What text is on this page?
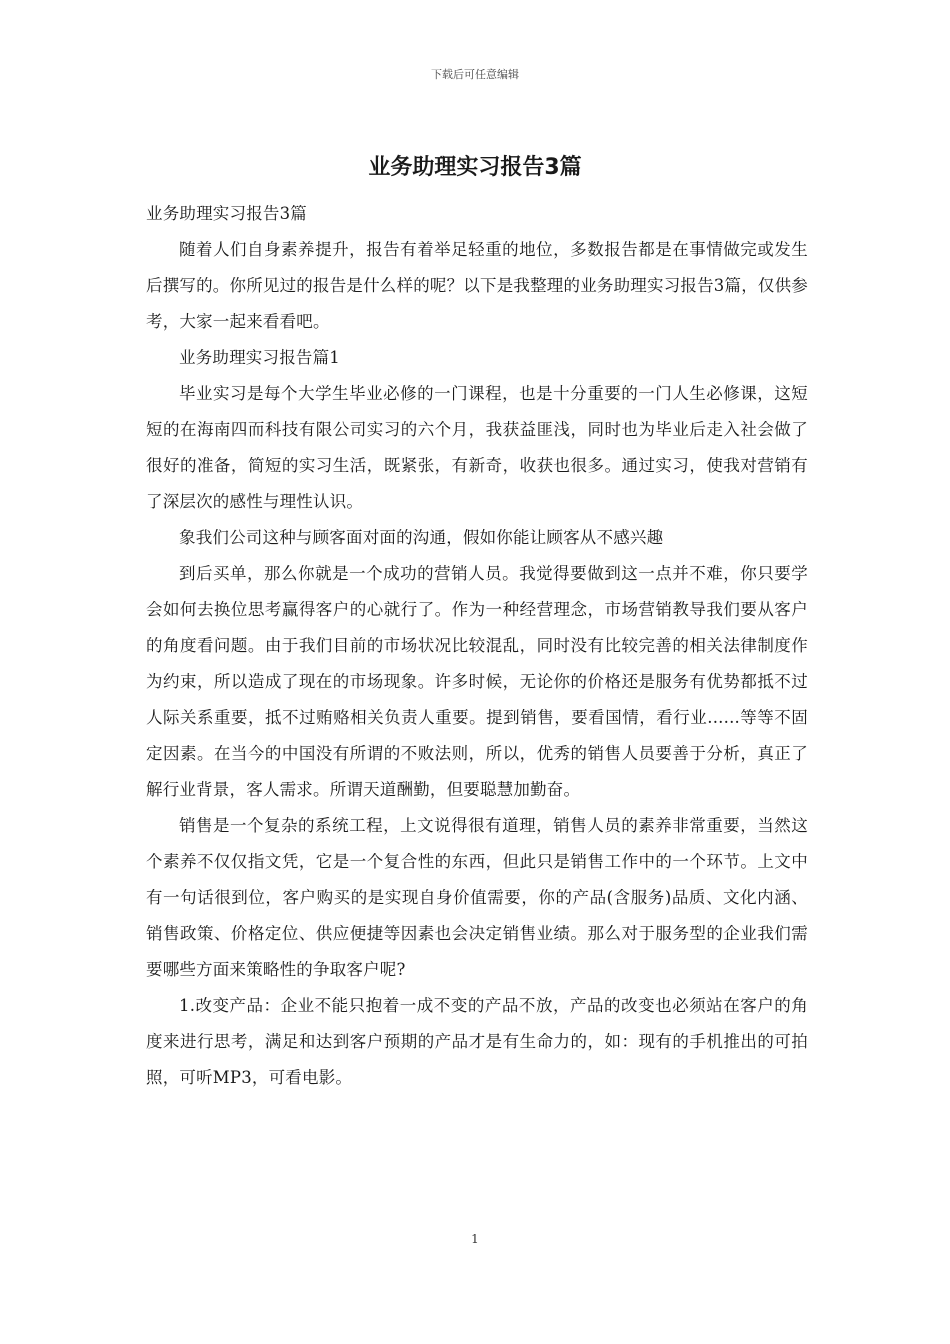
下载后可任意编辑
业务助理实习报告3篇

业务助理实习报告3篇

随着人们自身素养提升，报告有着举足轻重的地位，多数报告都是在事情做完或发生后撰写的。你所见过的报告是什么样的呢？以下是我整理的业务助理实习报告3篇，仅供参考，大家一起来看看吧。

业务助理实习报告篇1

毕业实习是每个大学生毕业必修的一门课程，也是十分重要的一门人生必修课，这短短的在海南四而科技有限公司实习的六个月，我获益匪浅，同时也为毕业后走入社会做了很好的准备，简短的实习生活，既紧张，有新奇，收获也很多。通过实习，使我对营销有了深层次的感性与理性认识。

象我们公司这种与顾客面对面的沟通，假如你能让顾客从不感兴趣

到后买单，那么你就是一个成功的营销人员。我觉得要做到这一点并不难，你只要学会如何去换位思考赢得客户的心就行了。作为一种经营理念，市场营销教导我们要从客户的角度看问题。由于我们目前的市场状况比较混乱，同时没有比较完善的相关法律制度作为约束，所以造成了现在的市场现象。许多时候，无论你的价格还是服务有优势都抵不过人际关系重要，抵不过贿赂相关负责人重要。提到销售，要看国情，看行业......等等不固定因素。在当今的中国没有所谓的不败法则，所以，优秀的销售人员要善于分析，真正了解行业背景，客人需求。所谓天道酬勤，但要聪慧加勤奋。

销售是一个复杂的系统工程，上文说得很有道理，销售人员的素养非常重要，当然这个素养不仅仅指文凭，它是一个复合性的东西，但此只是销售工作中的一个环节。上文中有一句话很到位，客户购买的是实现自身价值需要，你的产品(含服务)品质、文化内涵、销售政策、价格定位、供应便捷等因素也会决定销售业绩。那么对于服务型的企业我们需要哪些方面来策略性的争取客户呢?

1.改变产品：企业不能只抱着一成不变的产品不放，产品的改变也必须站在客户的角度来进行思考，满足和达到客户预期的产品才是有生命力的，如：现有的手机推出的可拍照，可听MP3，可看电影。

1
